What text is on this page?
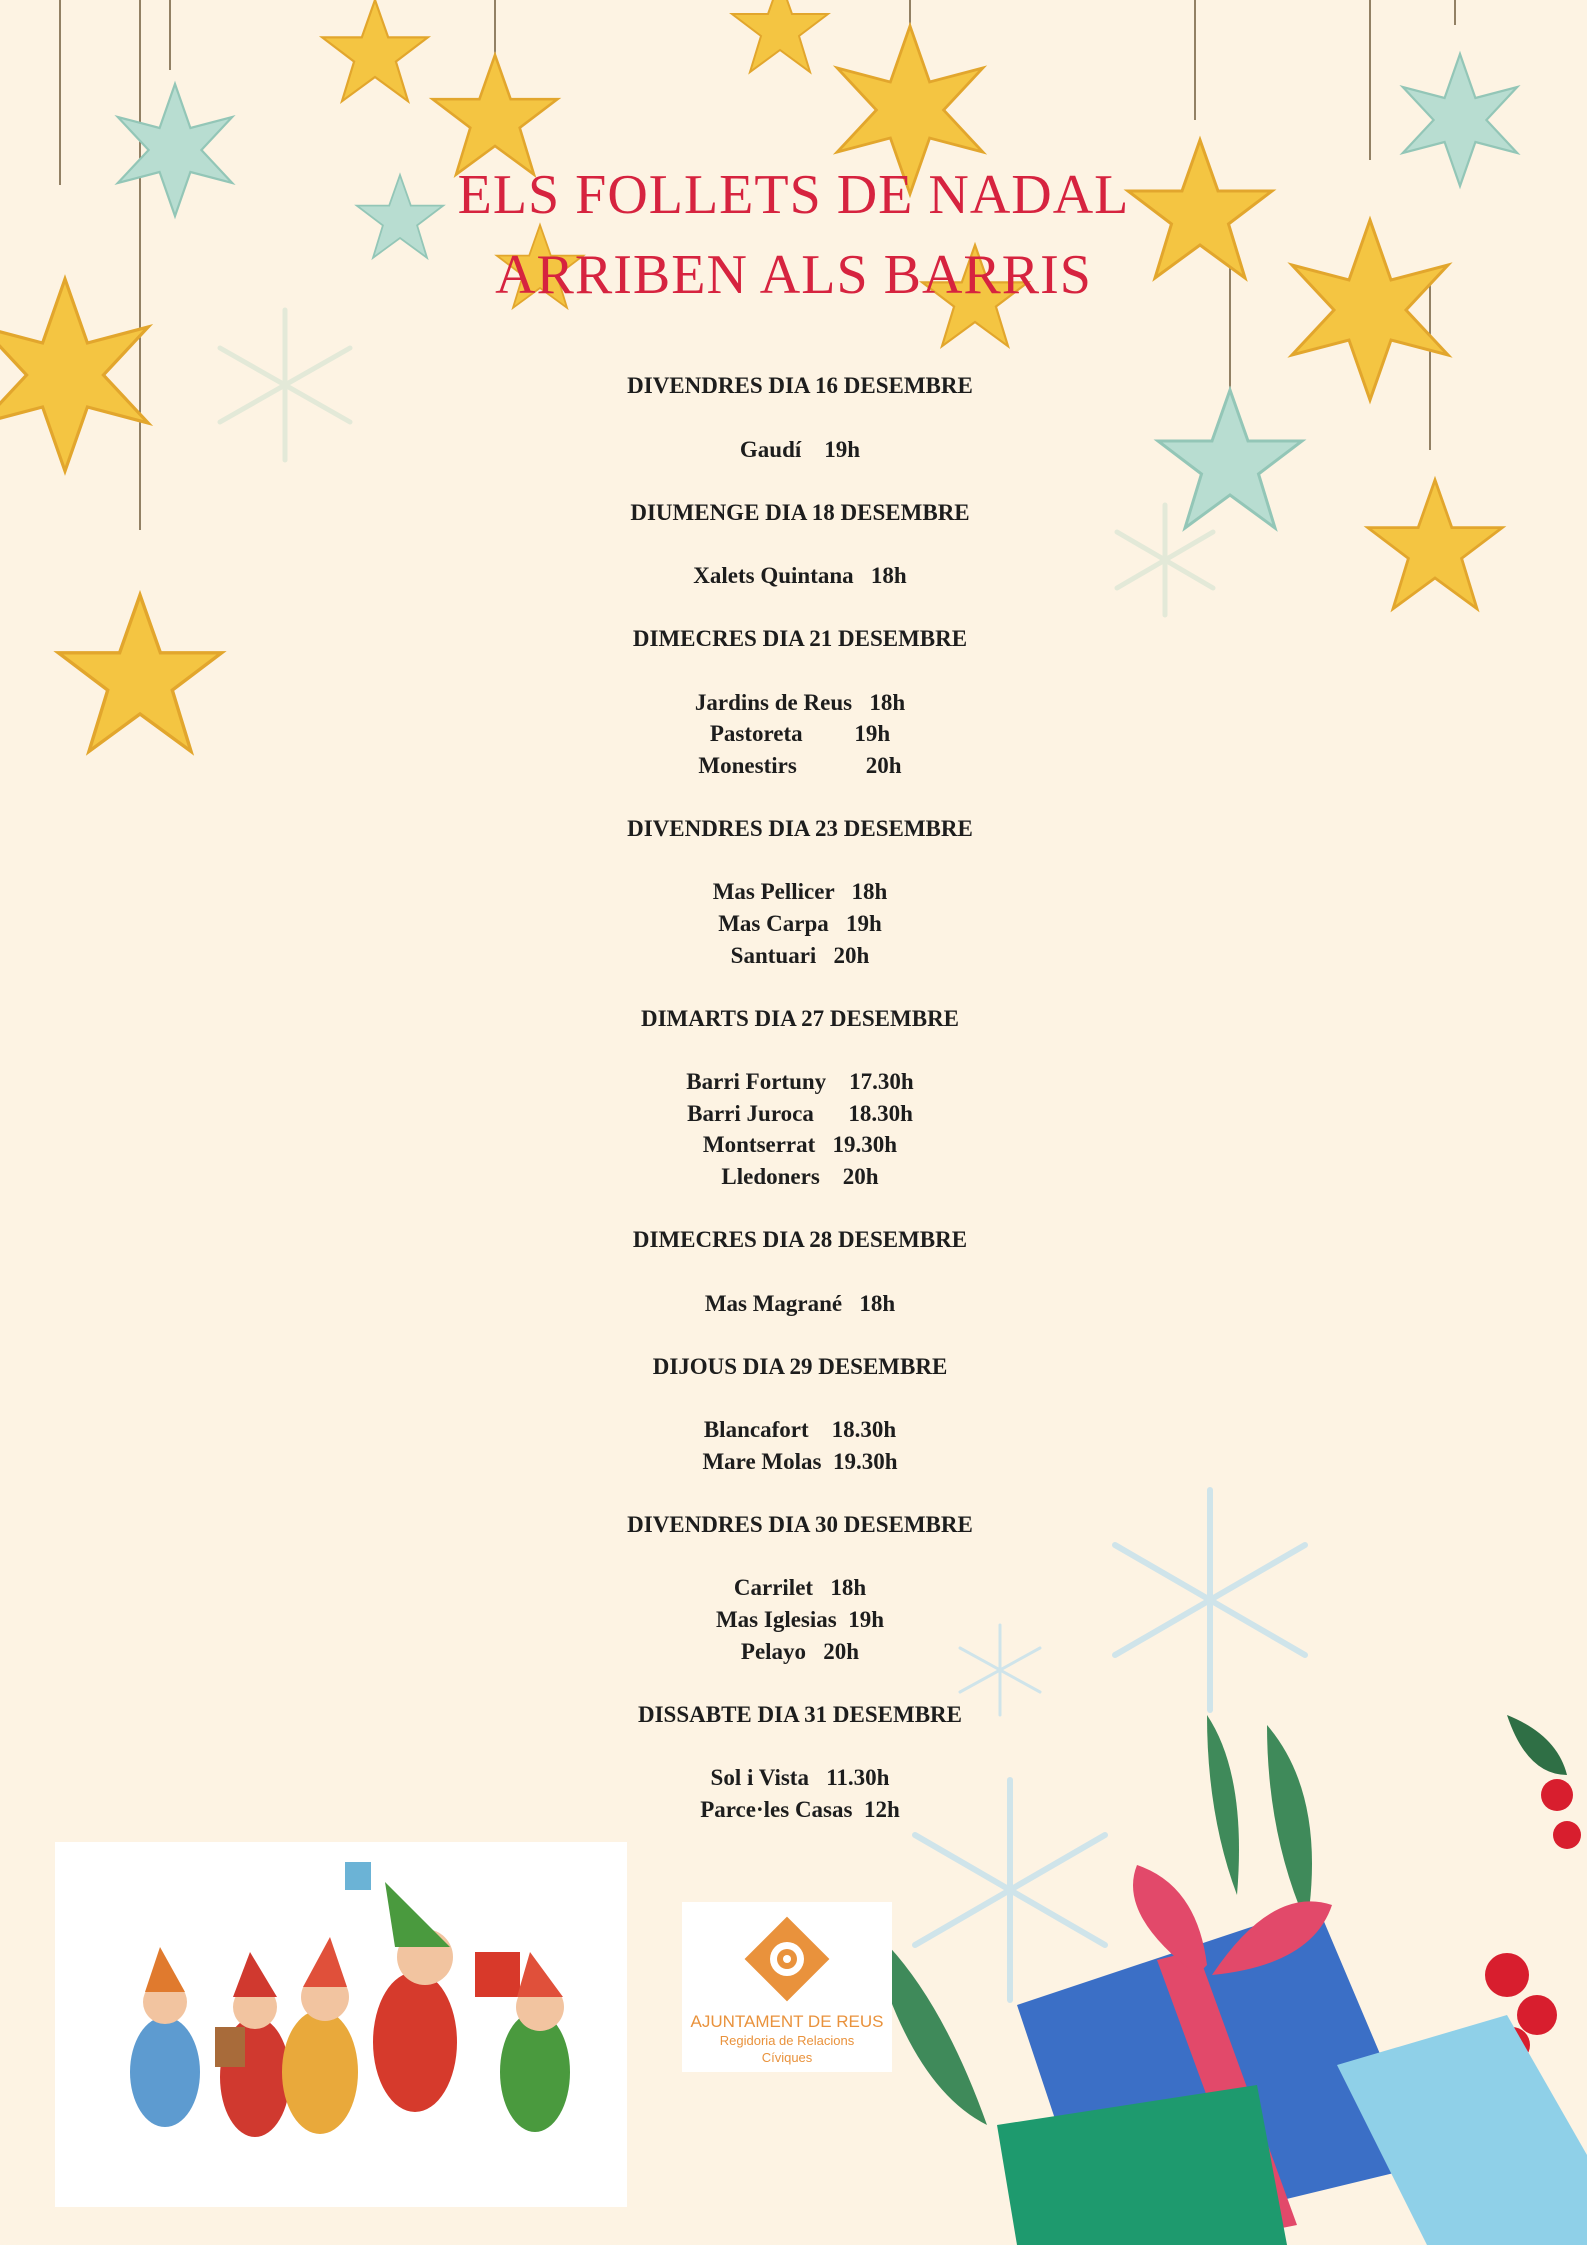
ELS FOLLETS DE NADAL
ARRIBEN ALS BARRIS
DIVENDRES DIA 16 DESEMBRE
Gaudí    19h
DIUMENGE DIA 18 DESEMBRE
Xalets Quintana   18h
DIMECRES DIA 21 DESEMBRE
Jardins de Reus   18h
Pastoreta         19h
Monestirs            20h
DIVENDRES DIA 23 DESEMBRE
Mas Pellicer   18h
Mas Carpa   19h
Santuari   20h
DIMARTS DIA 27 DESEMBRE
Barri Fortuny    17.30h
Barri Juroca      18.30h
Montserrat   19.30h
Lledoners    20h
DIMECRES DIA 28 DESEMBRE
Mas Magrané   18h
DIJOUS DIA 29 DESEMBRE
Blancafort    18.30h
Mare Molas  19.30h
DIVENDRES DIA 30 DESEMBRE
Carrilet   18h
Mas Iglesias  19h
Pelayo   20h
DISSABTE DIA 31 DESEMBRE
Sol i Vista   11.30h
Parce·les Casas  12h
AJUNTAMENT DE REUS
Regidoria de Relacions Cíviques
